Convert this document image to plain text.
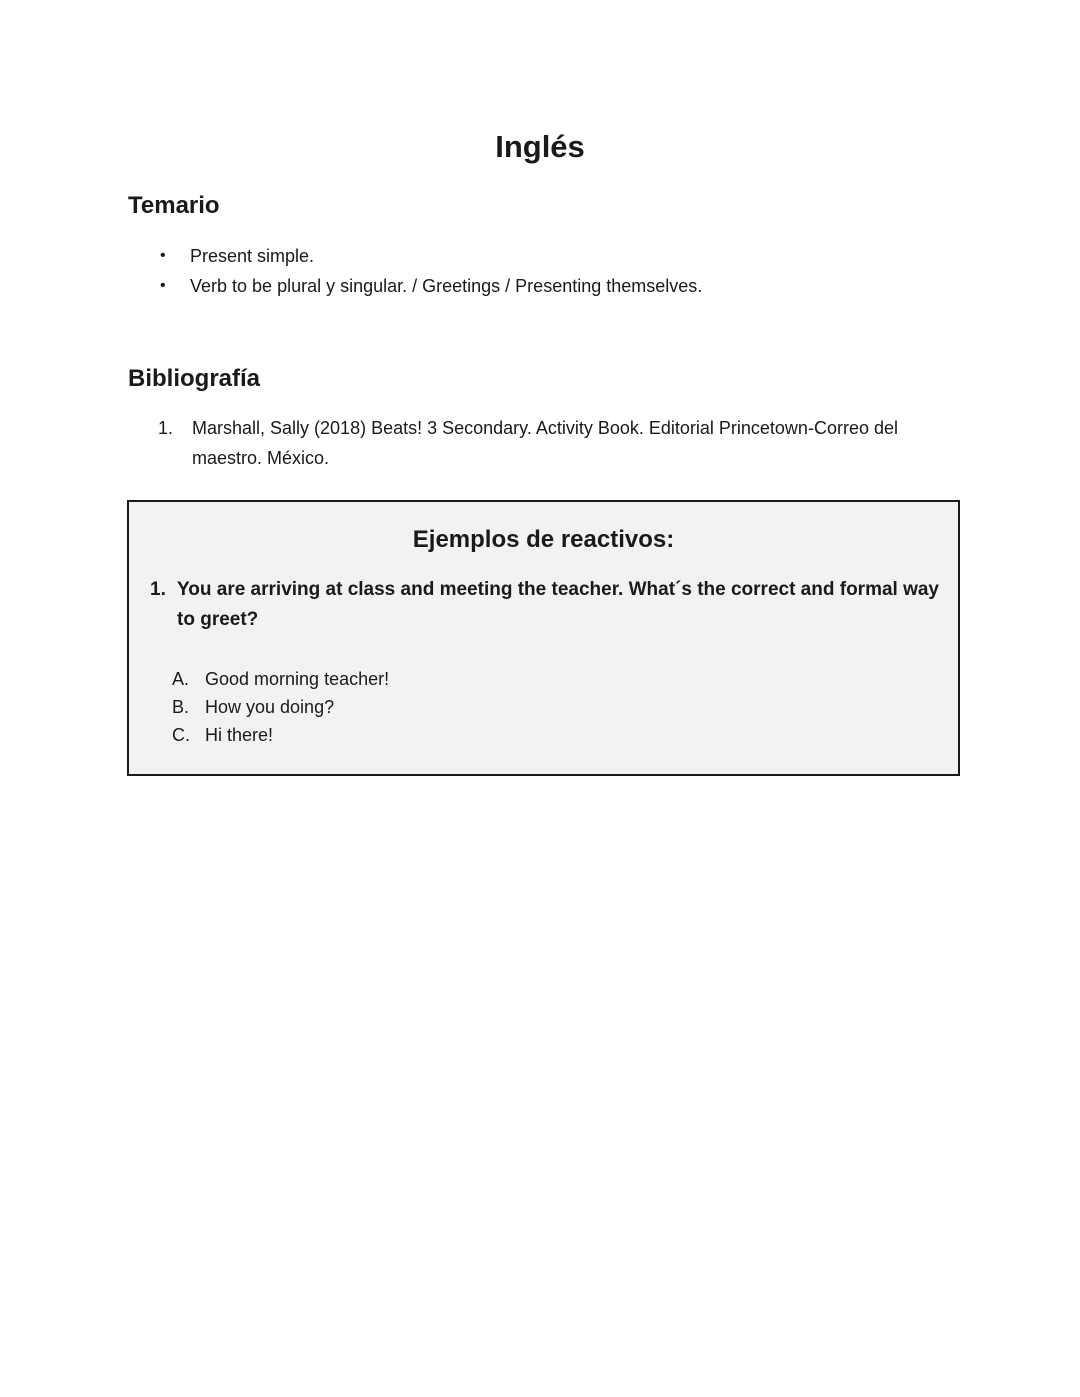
Inglés
Temario
•	Present simple.
•	Verb to be plural y singular. / Greetings / Presenting themselves.
Bibliografía
1.	Marshall, Sally (2018) Beats! 3 Secondary. Activity Book. Editorial Princetown-Correo del maestro. México.
Ejemplos de reactivos:
1. You are arriving at class and meeting the teacher. What´s the correct and formal way to greet?
A. Good morning teacher!
B. How you doing?
C. Hi there!
